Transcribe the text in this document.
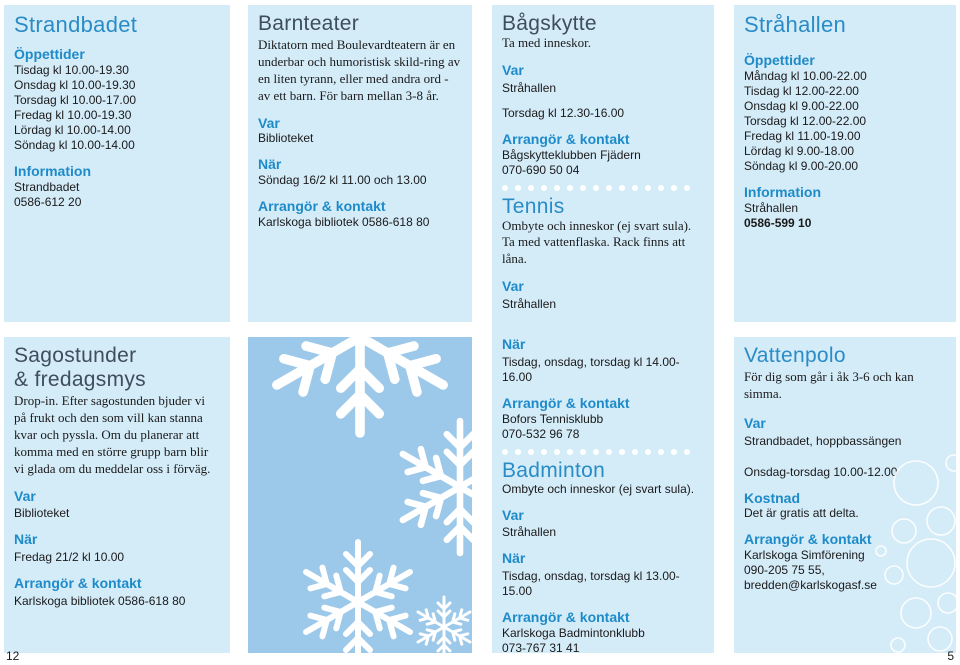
Strandbadet

Öppettider

Tisdag kl 10.00-19.30

Onsdag kl 10.00-19.30

Torsdag kl 10.00-17.00

Fredag kl 10.00-19.30

Lördag kl 10.00-14.00

Söndag kl 10.00-14.00

Information

Strandbadet

0586-612 20

Barnteater

Diktatorn med Boulevardteatern är en underbar och humoristisk skild-ring av en liten tyrann, eller med andra ord - av ett barn. För barn mellan 3-8 år.

Var

Biblioteket

När

Söndag 16/2 kl 11.00 och 13.00

Arrangör & kontakt

Karlskoga bibliotek 0586-618 80

Bågskytte

Ta med inneskor.

Var

Stråhallen

Torsdag kl 12.30-16.00

Arrangör & kontakt

Bågskytteklubben Fjädern

070-690 50 04

Tennis

Ombyte och inneskor (ej svart sula). Ta med vattenflaska. Rack finns att låna.

Var

Stråhallen

När

Tisdag, onsdag, torsdag kl 14.00-16.00

Arrangör & kontakt

Bofors Tennisklubb

070-532 96 78

Badminton

Ombyte och inneskor (ej svart sula).

Var

Stråhallen

När

Tisdag, onsdag, torsdag kl 13.00-15.00

Arrangör & kontakt

Karlskoga Badmintonklubb

073-767 31 41

Stråhallen

Öppettider

Måndag kl 10.00-22.00

Tisdag kl 12.00-22.00

Onsdag kl 9.00-22.00

Torsdag kl 12.00-22.00

Fredag kl 11.00-19.00

Lördag kl 9.00-18.00

Söndag kl 9.00-20.00

Information

Stråhallen

0586-599 10

Sagostunder
& fredagsmys

Drop-in. Efter sagostunden bjuder vi på frukt och den som vill kan stanna kvar och pyssla. Om du planerar att komma med en större grupp barn blir vi glada om du meddelar oss i förväg.

Var

Biblioteket

När

Fredag 21/2 kl 10.00

Arrangör & kontakt

Karlskoga bibliotek 0586-618 80

Vattenpolo

För dig som går i åk 3-6 och kan simma.

Var

Strandbadet, hoppbassängen

Onsdag-torsdag 10.00-12.00

Kostnad

Det är gratis att delta.

Arrangör & kontakt

Karlskoga Simförening

090-205 75 55,

bredden@karlskogasf.se

12	5
